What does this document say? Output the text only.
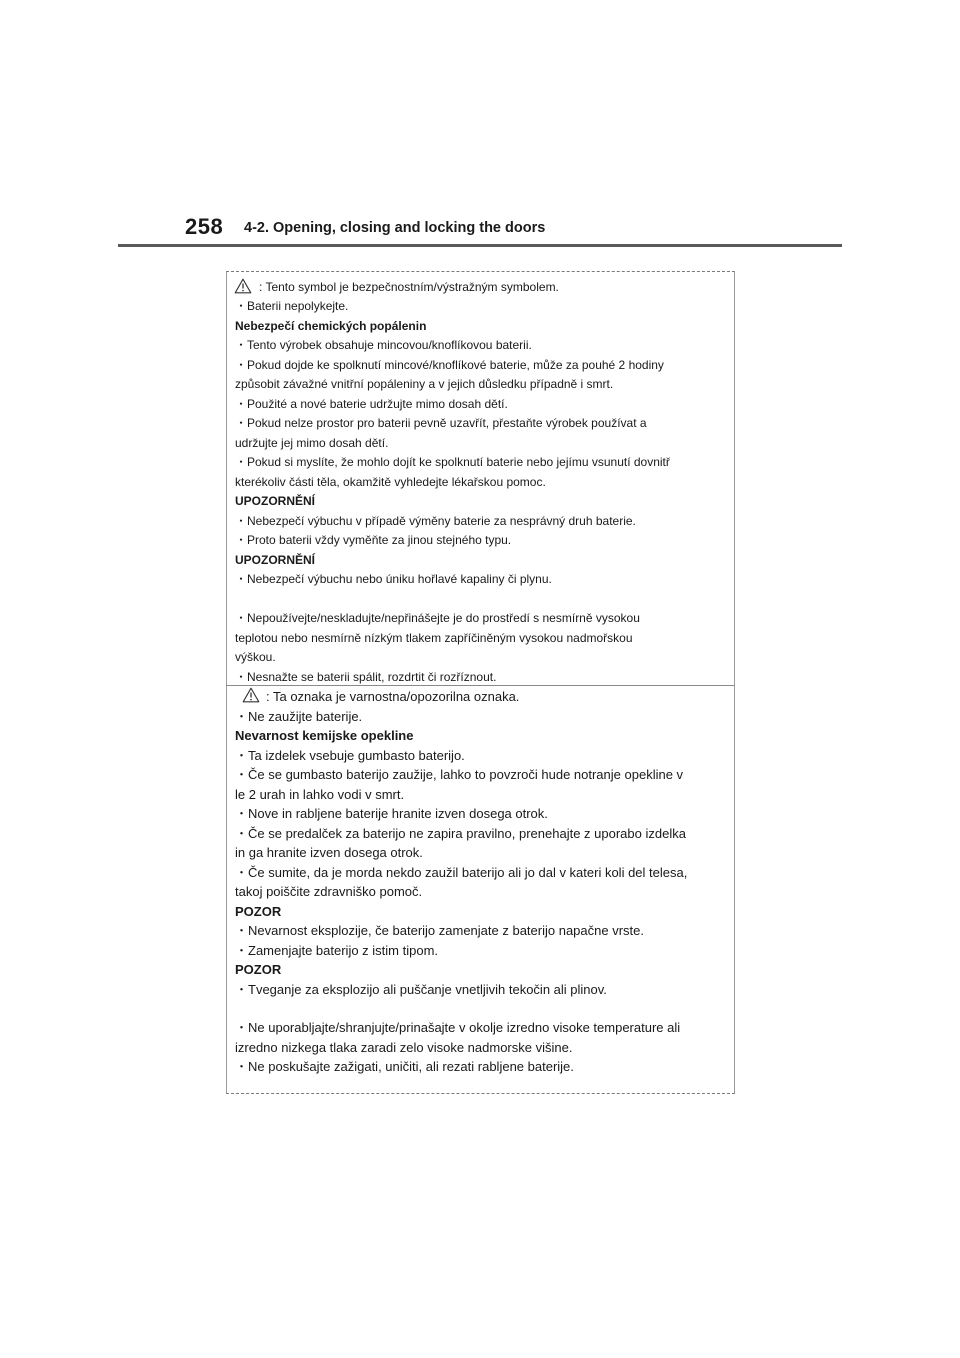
258 4-2. Opening, closing and locking the doors
: Tento symbol je bezpečnostním/výstražným symbolem.
・Baterii nepolykejte.
Nebezpečí chemických popálenin
・Tento výrobek obsahuje mincovou/knoflíkovou baterii.
・Pokud dojde ke spolknutí mincové/knoflíkové baterie, může za pouhé 2 hodiny
způsobit závažné vnitřní popáleniny a v jejich důsledku případně i smrt.
・Použité a nové baterie udržujte mimo dosah dětí.
・Pokud nelze prostor pro baterii pevně uzavřít, přestaňte výrobek používat a
udržujte jej mimo dosah dětí.
・Pokud si myslíte, že mohlo dojít ke spolknutí baterie nebo jejímu vsunutí dovnitř
kterékoliv části těla, okamžitě vyhledejte lékařskou pomoc.
UPOZORNĚNÍ
・Nebezpečí výbuchu v případě výměny baterie za nesprávný druh baterie.
・Proto baterii vždy vyměňte za jinou stejného typu.
UPOZORNĚNÍ
・Nebezpečí výbuchu nebo úniku hořlavé kapaliny či plynu.
・Nepoužívejte/neskladujte/nepřinášejte je do prostředí s nesmírně vysokou
teplotou nebo nesmírně nízkým tlakem zapříčiněným vysokou nadmořskou
výškou.
・Nesnažte se baterii spálit, rozdrtit či rozříznout.
: Ta oznaka je varnostna/opozorilna oznaka.
・Ne zaužijte baterije.
Nevarnost kemijske opekline
・Ta izdelek vsebuje gumbasto baterijo.
・Če se gumbasto baterijo zaužije, lahko to povzroči hude notranje opekline v
le 2 urah in lahko vodi v smrt.
・Nove in rabljene baterije hranite izven dosega otrok.
・Če se predalček za baterijo ne zapira pravilno, prenehajte z uporabo izdelka
in ga hranite izven dosega otrok.
・Če sumite, da je morda nekdo zaužil baterijo ali jo dal v kateri koli del telesa,
takoj poiščite zdravniško pomoč.
POZOR
・Nevarnost eksplozije, če baterijo zamenjate z baterijo napačne vrste.
・Zamenjajte baterijo z istim tipom.
POZOR
・Tveganje za eksplozijo ali puščanje vnetljivih tekočin ali plinov.
・Ne uporabljajte/shranjujte/prinašajte v okolje izredno visoke temperature ali
izredno nizkega tlaka zaradi zelo visoke nadmorske višine.
・Ne poskušajte zažigati, uničiti, ali rezati rabljene baterije.
